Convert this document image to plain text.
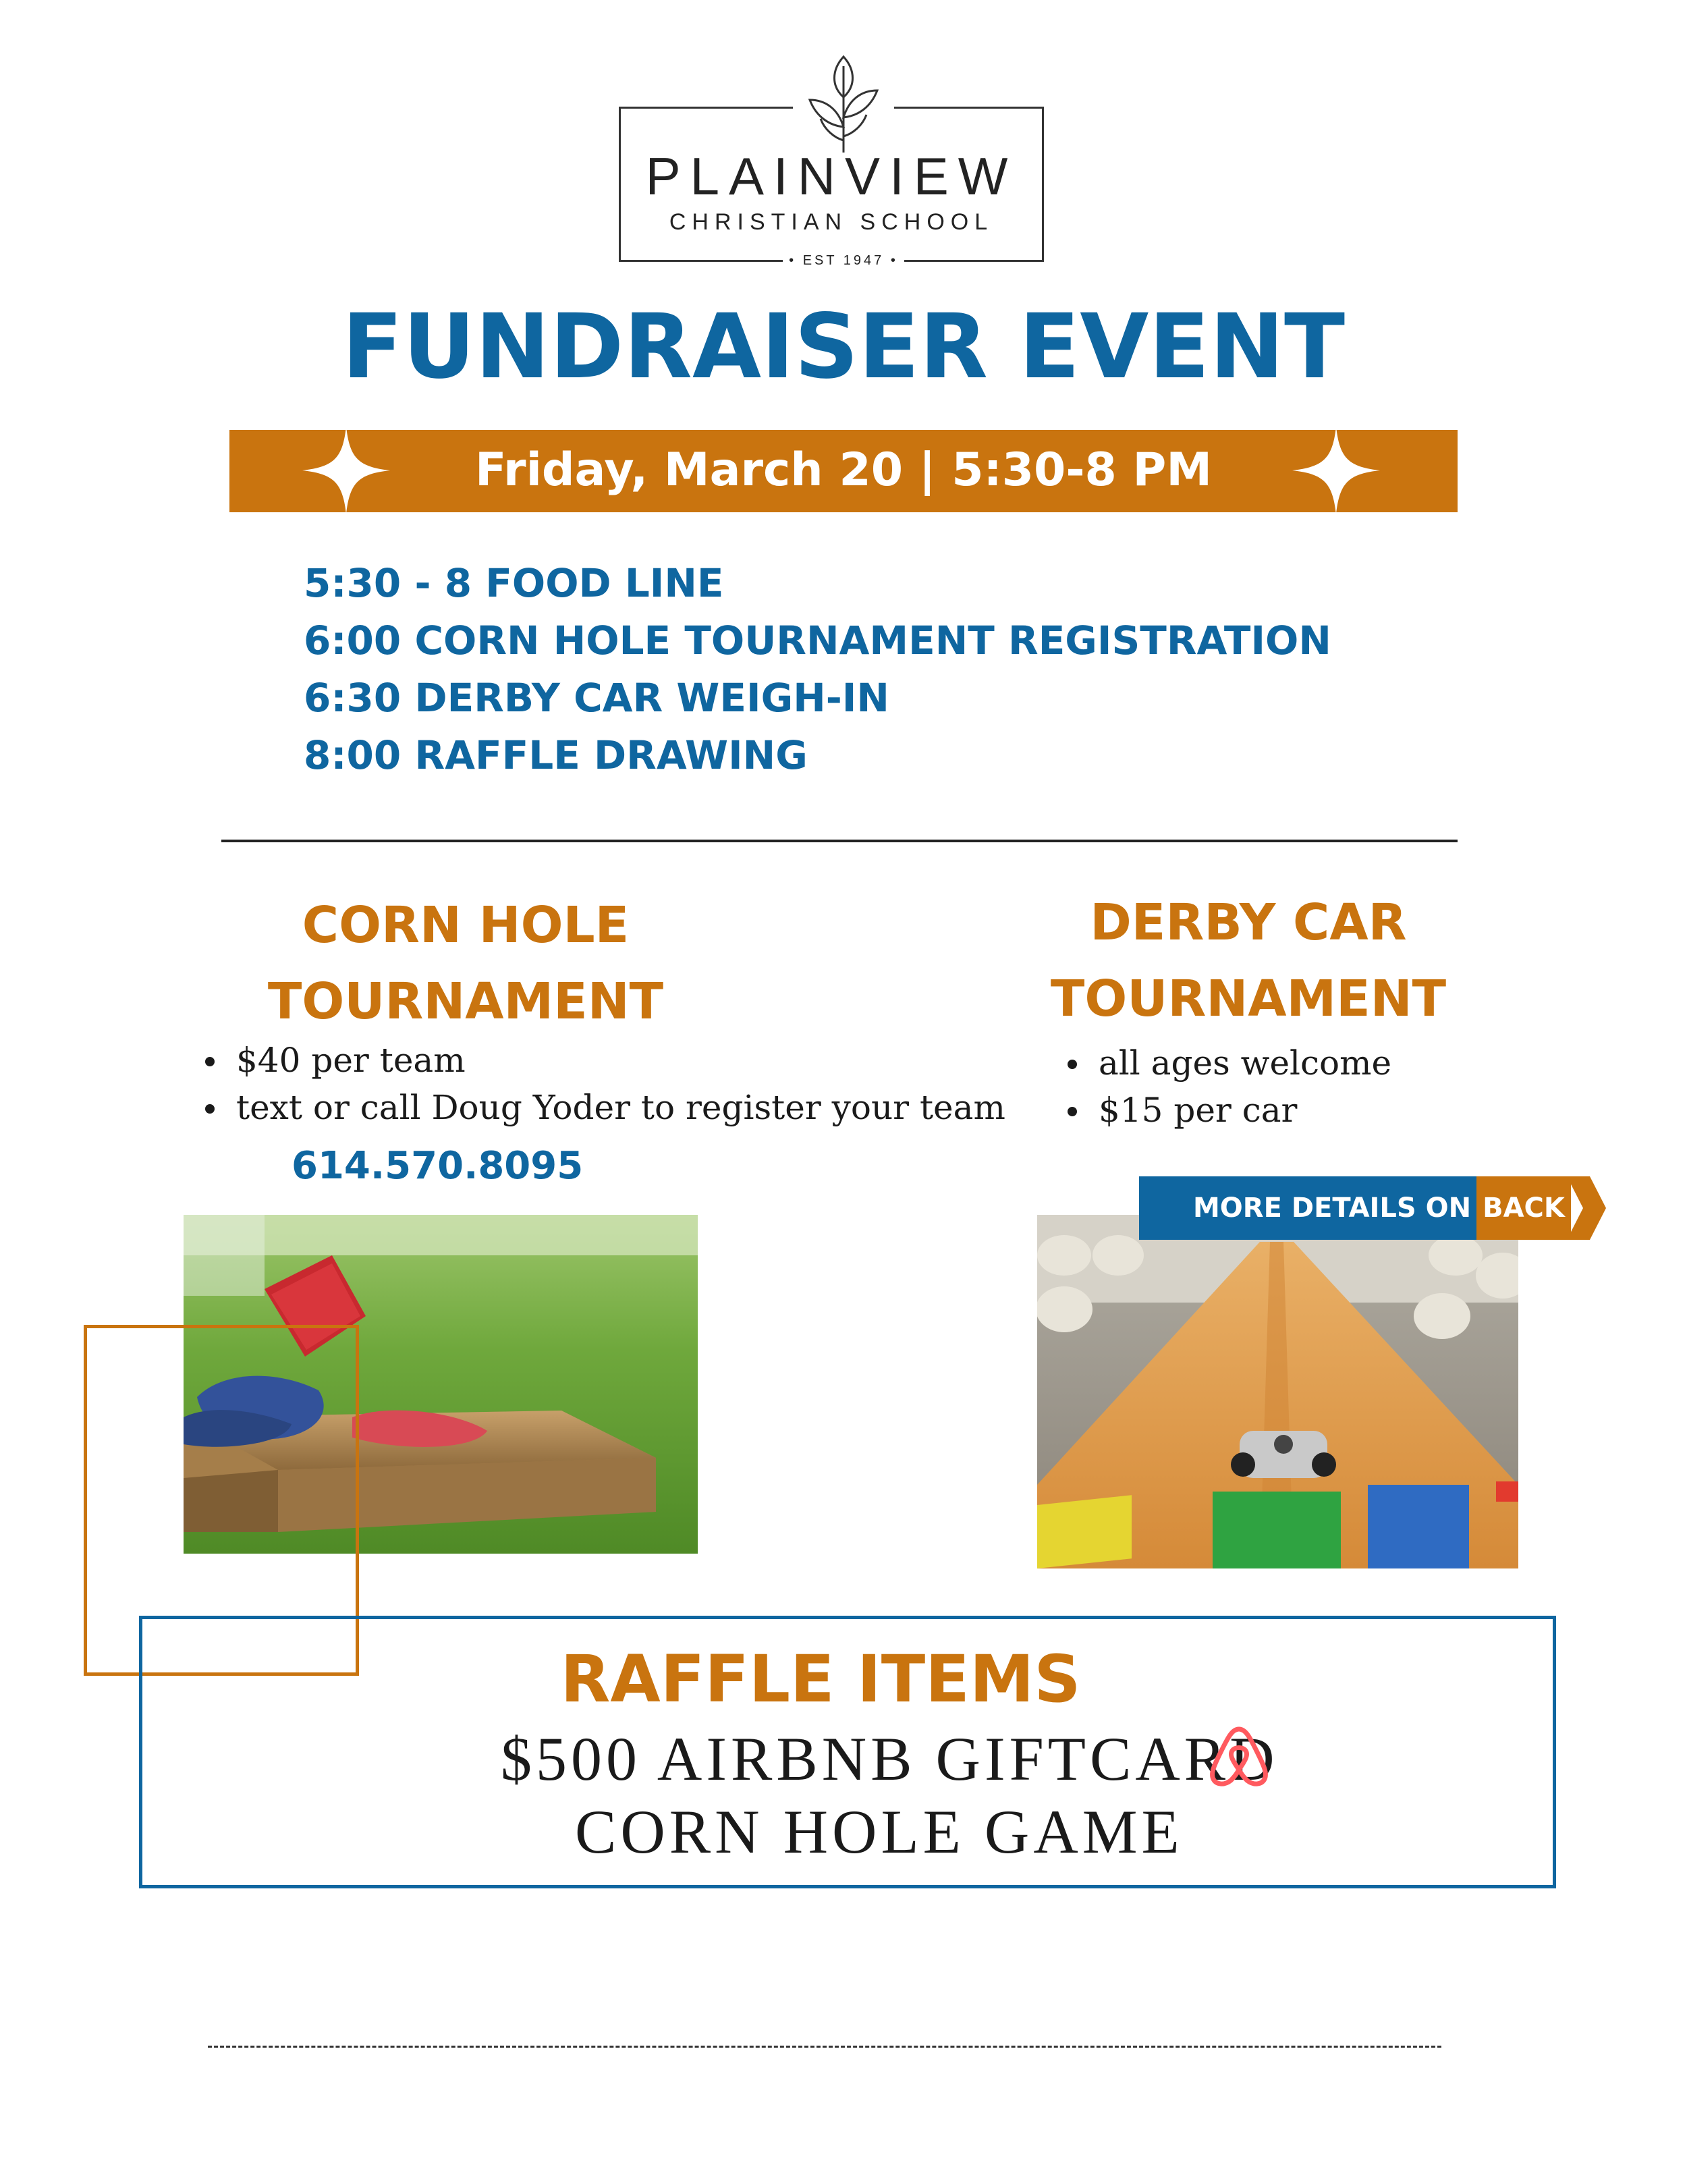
PLAINVIEW
CHRISTIAN SCHOOL
• EST 1947 •
FUNDRAISER EVENT
Friday, March 20 | 5:30-8 PM
5:30 - 8 FOOD LINE
6:00 CORN HOLE TOURNAMENT REGISTRATION
6:30 DERBY CAR WEIGH-IN
8:00 RAFFLE DRAWING
CORN HOLE
TOURNAMENT
$40 per team
text or call Doug Yoder to register your team
614.570.8095
DERBY CAR
TOURNAMENT
all ages welcome
$15 per car
MORE DETAILS ON BACK
RAFFLE ITEMS
$500 AIRBNB GIFTCARD
CORN HOLE GAME
